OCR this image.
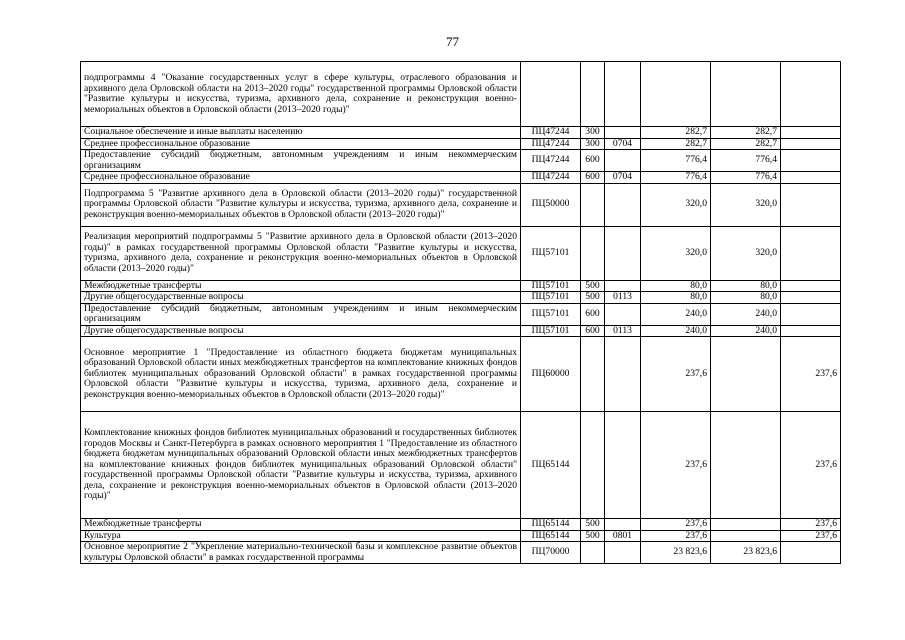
77
подпрограммы 4 "Оказание государственных услуг в сфере культуры, отраслевого образования и архивного дела Орловской области на 2013–2020 годы" государственной программы Орловской области "Развитие культуры и искусства, туризма, архивного дела, сохранение и реконструкция военно-мемориальных объектов в Орловской области (2013–2020 годы)"						
Социальное обеспечение и иные выплаты населению	ПЦ47244	300		282,7	282,7	
Среднее профессиональное образование	ПЦ47244	300	0704	282,7	282,7	
Предоставление субсидий бюджетным, автономным учреждениям и иным некоммерческим организациям	ПЦ47244	600		776,4	776,4	
Среднее профессиональное образование	ПЦ47244	600	0704	776,4	776,4	
Подпрограмма 5 "Развитие архивного дела в Орловской области (2013–2020 годы)" государственной программы Орловской области "Развитие культуры и искусства, туризма, архивного дела, сохранение и реконструкция военно-мемориальных объектов в Орловской области (2013–2020 годы)"	ПЦ50000			320,0	320,0	
Реализация мероприятий подпрограммы 5 "Развитие архивного дела в Орловской области (2013–2020 годы)" в рамках государственной программы Орловской области "Развитие культуры и искусства, туризма, архивного дела, сохранение и реконструкция военно-мемориальных объектов в Орловской области (2013–2020 годы)"	ПЦ57101			320,0	320,0	
Межбюджетные трансферты	ПЦ57101	500		80,0	80,0	
Другие общегосударственные вопросы	ПЦ57101	500	0113	80,0	80,0	
Предоставление субсидий бюджетным, автономным учреждениям и иным некоммерческим организациям	ПЦ57101	600		240,0	240,0	
Другие общегосударственные вопросы	ПЦ57101	600	0113	240,0	240,0	
Основное мероприятие 1 "Предоставление из областного бюджета бюджетам муниципальных образований Орловской области иных межбюджетных трансфертов на комплектование книжных фондов библиотек муниципальных образований Орловской области" в рамках государственной программы Орловской области "Развитие культуры и искусства, туризма, архивного дела, сохранение и реконструкция военно-мемориальных объектов в Орловской области (2013–2020 годы)"	ПЦ60000			237,6		237,6
Комплектование книжных фондов библиотек муниципальных образований и государственных библиотек городов Москвы и Санкт-Петербурга в рамках основного мероприятия 1 "Предоставление из областного бюджета бюджетам муниципальных образований Орловской области иных межбюджетных трансфертов на комплектование книжных фондов библиотек муниципальных образований Орловской области" государственной программы Орловской области "Развитие культуры и искусства, туризма, архивного дела, сохранение и реконструкция военно-мемориальных объектов в Орловской области (2013–2020 годы)"	ПЦ65144			237,6		237,6
Межбюджетные трансферты	ПЦ65144	500		237,6		237,6
Культура	ПЦ65144	500	0801	237,6		237,6
Основное мероприятие 2 "Укрепление материально-технической базы и комплексное развитие объектов культуры Орловской области" в рамках государственной программы	ПЦ70000			23 823,6	23 823,6	
